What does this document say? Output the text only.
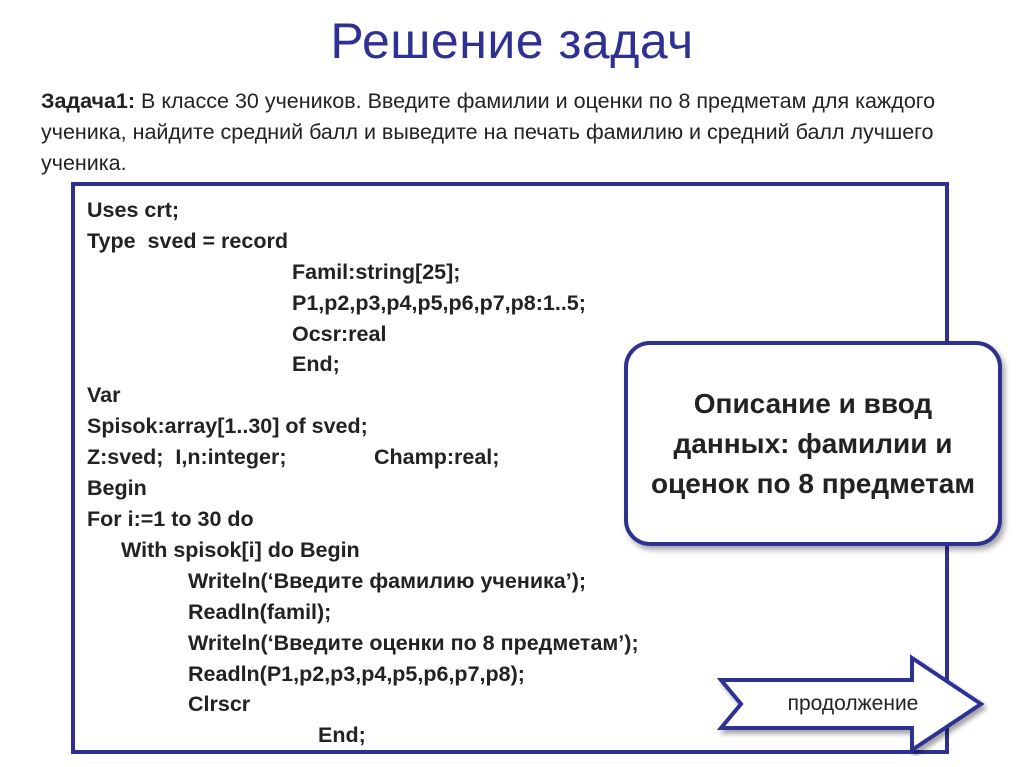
Решение задач
Задача1: В классе 30 учеников. Введите фамилии и оценки по 8 предметам для каждого ученика, найдите средний балл и выведите на печать фамилию и средний балл лучшего ученика.
Uses crt;
Type  sved = record
Famil:string[25];
P1,p2,p3,p4,p5,p6,p7,p8:1..5;
Ocsr:real
End;
Var
Spisok:array[1..30] of sved;
Z:sved;  I,n:integer;	Champ:real;
Begin
For i:=1 to 30 do
With spisok[i] do Begin
Writeln(‘Введите фамилию ученика’);
Readln(famil);
Writeln(‘Введите оценки по 8 предметам’);
Readln(P1,p2,p3,p4,p5,p6,p7,p8);
Clrscr
End;
Описание и ввод данных: фамилии и оценок по 8 предметам
продолжение
